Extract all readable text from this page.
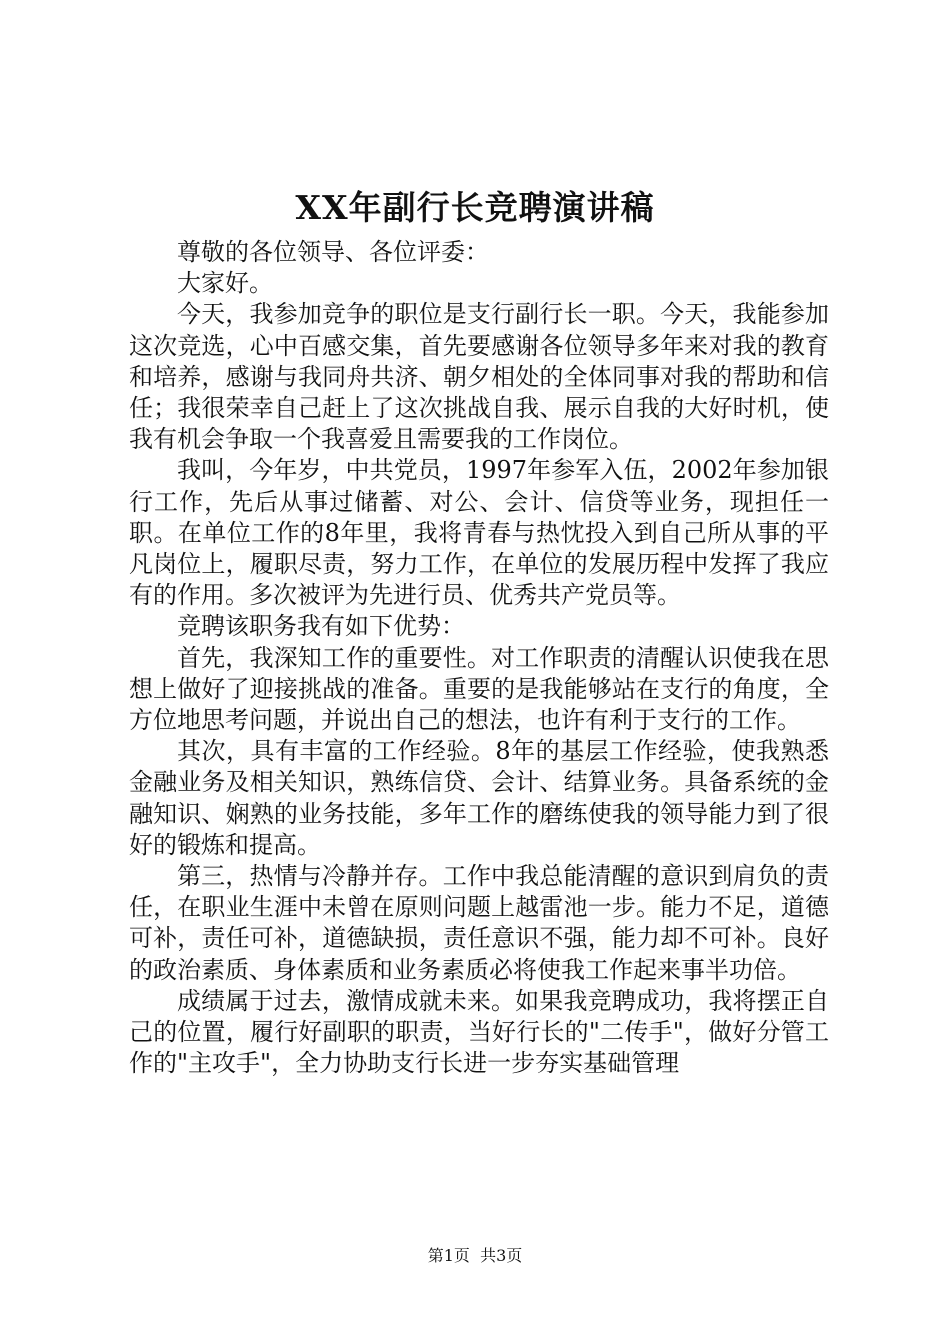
XX年副行长竞聘演讲稿

尊敬的各位领导、各位评委：

大家好。

今天，我参加竞争的职位是支行副行长一职。今天，我能参加这次竞选，心中百感交集，首先要感谢各位领导多年来对我的教育和培养，感谢与我同舟共济、朝夕相处的全体同事对我的帮助和信任；我很荣幸自己赶上了这次挑战自我、展示自我的大好时机，使我有机会争取一个我喜爱且需要我的工作岗位。

我叫，今年岁，中共党员，1997年参军入伍，2002年参加银行工作，先后从事过储蓄、对公、会计、信贷等业务，现担任一职。在单位工作的8年里，我将青春与热忱投入到自己所从事的平凡岗位上，履职尽责，努力工作，在单位的发展历程中发挥了我应有的作用。多次被评为先进行员、优秀共产党员等。

竞聘该职务我有如下优势：

首先，我深知工作的重要性。对工作职责的清醒认识使我在思想上做好了迎接挑战的准备。重要的是我能够站在支行的角度，全方位地思考问题，并说出自己的想法，也许有利于支行的工作。

其次，具有丰富的工作经验。8年的基层工作经验，使我熟悉金融业务及相关知识，熟练信贷、会计、结算业务。具备系统的金融知识、娴熟的业务技能，多年工作的磨练使我的领导能力到了很好的锻炼和提高。

第三，热情与冷静并存。工作中我总能清醒的意识到肩负的责任，在职业生涯中未曾在原则问题上越雷池一步。能力不足，道德可补，责任可补，道德缺损，责任意识不强，能力却不可补。良好的政治素质、身体素质和业务素质必将使我工作起来事半功倍。

成绩属于过去，激情成就未来。如果我竞聘成功，我将摆正自己的位置，履行好副职的职责，当好行长的"二传手"，做好分管工作的"主攻手"，全力协助支行长进一步夯实基础管理

第1页 共3页
